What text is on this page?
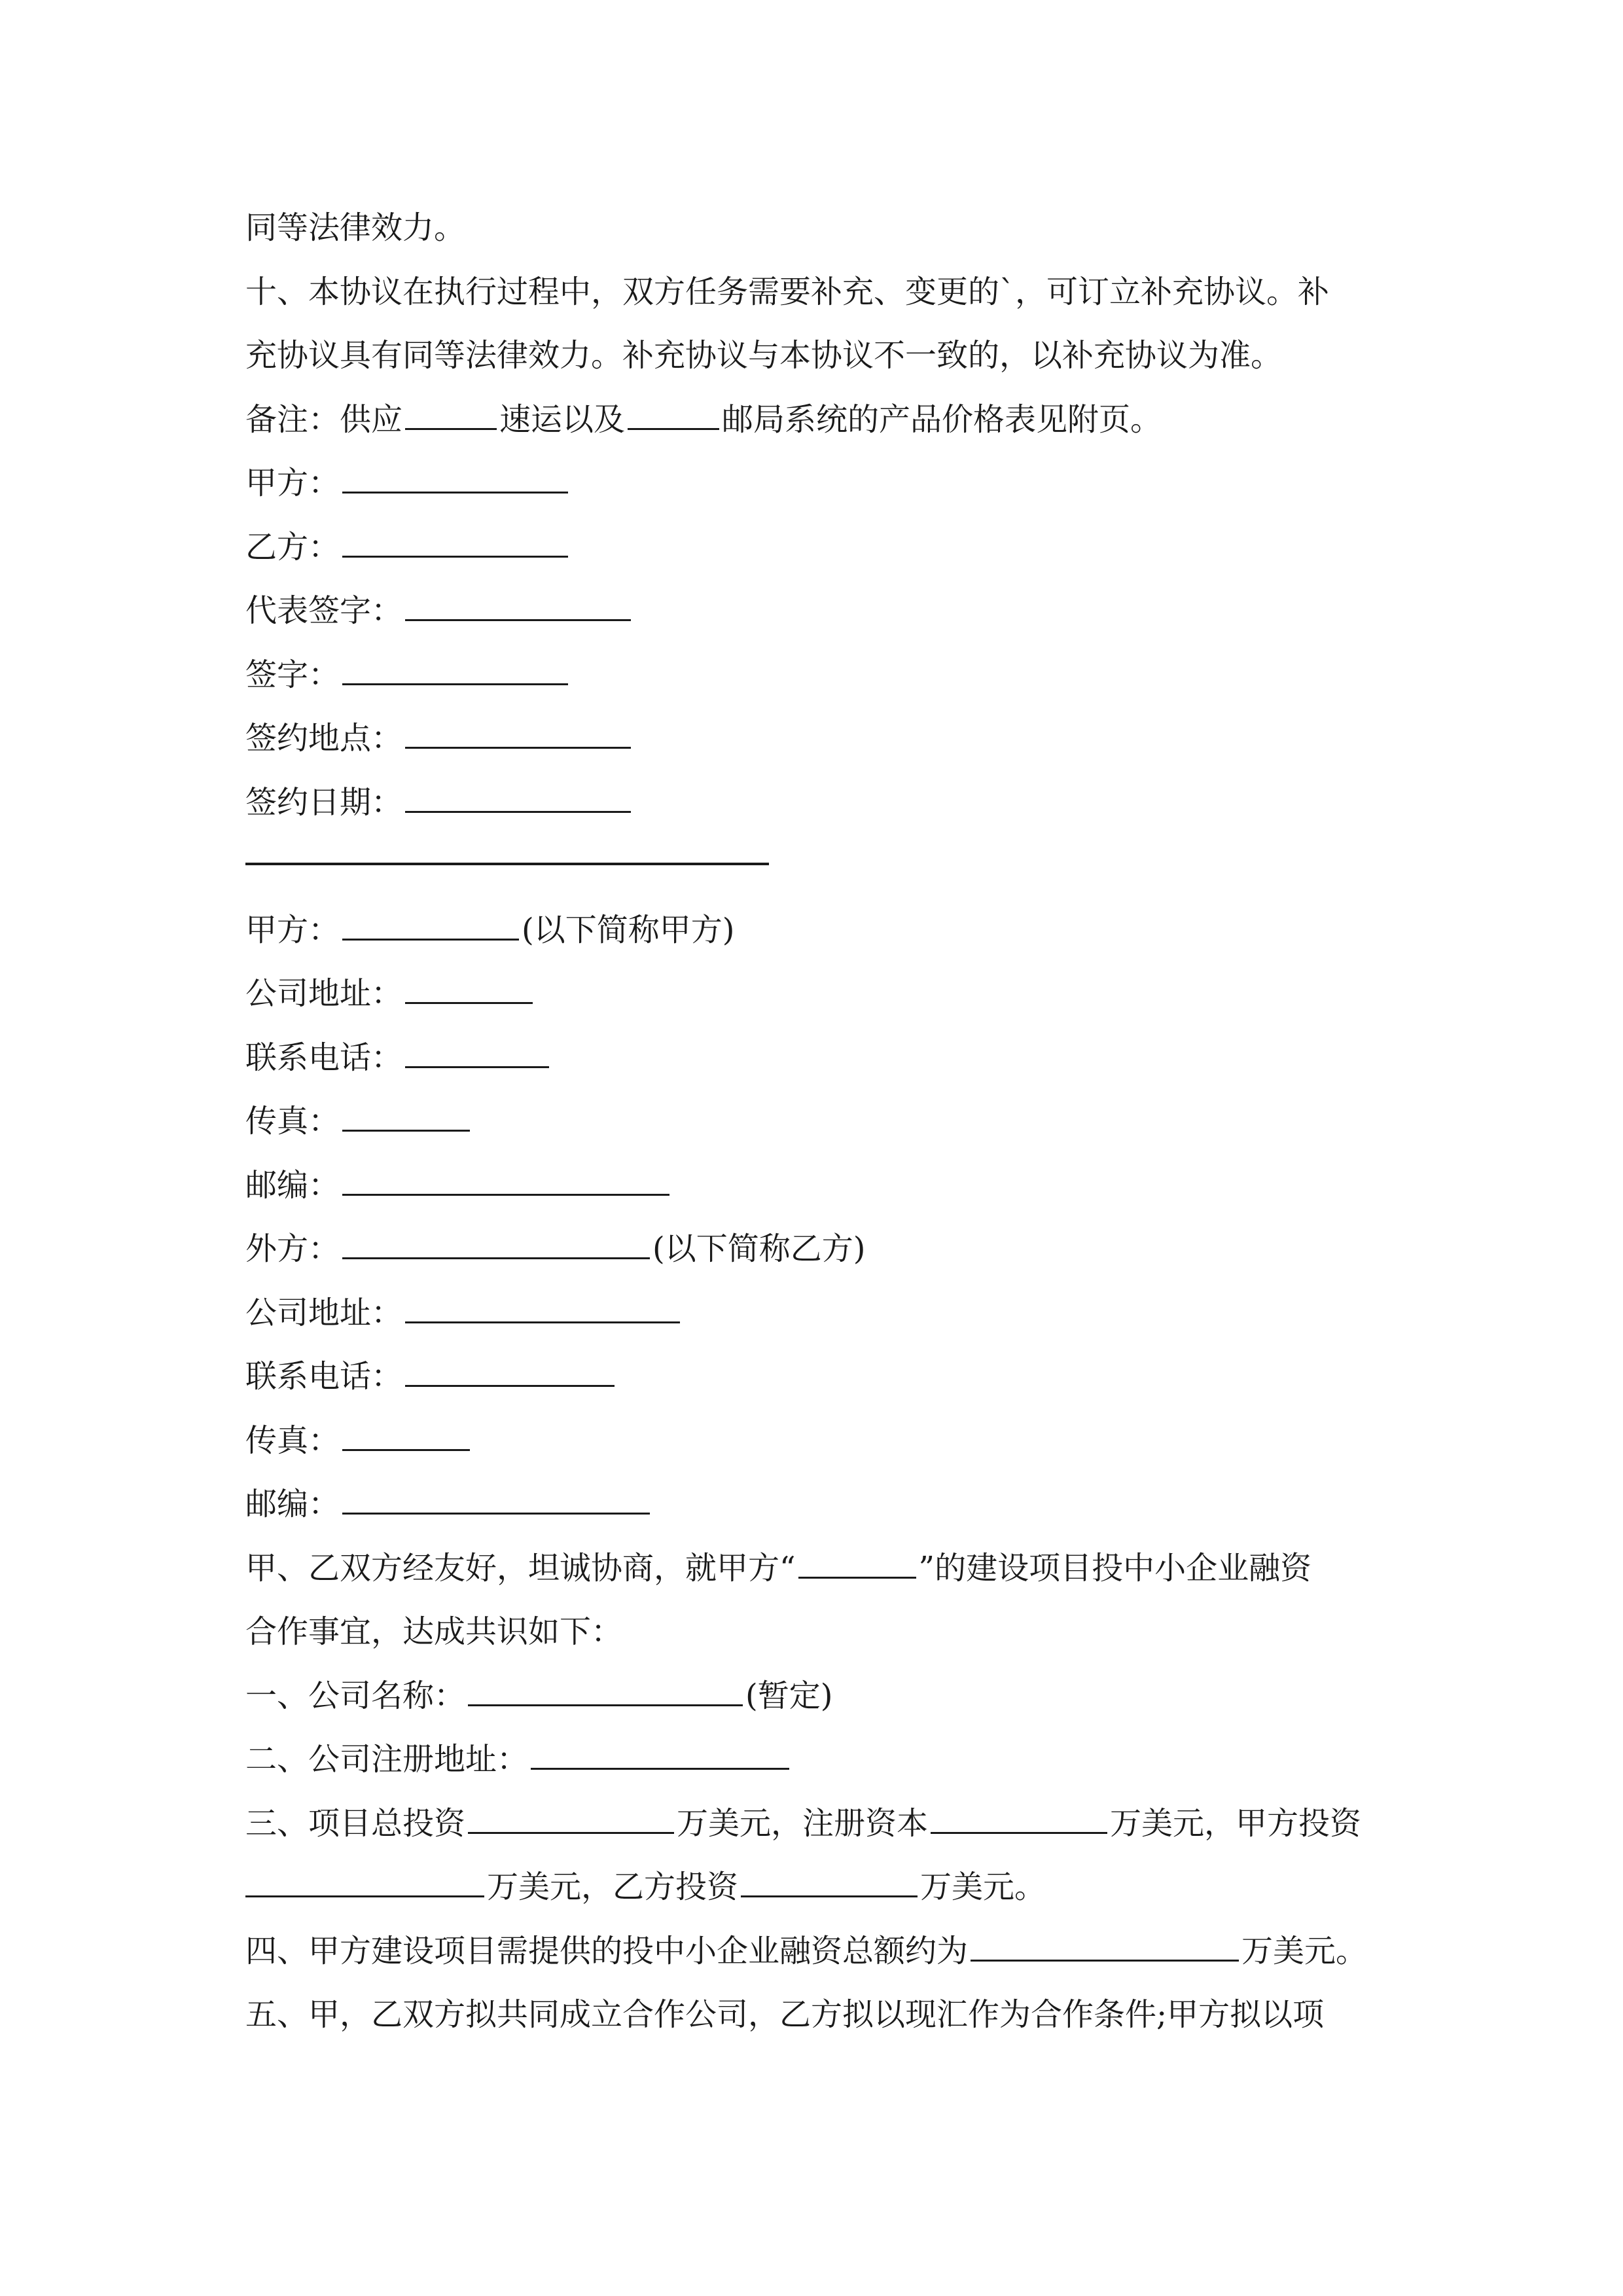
同等法律效力。
十、本协议在执行过程中，双方任务需要补充、变更的`，可订立补充协议。补
充协议具有同等法律效力。补充协议与本协议不一致的，以补充协议为准。
备注：供应	速运以及	邮局系统的产品价格表见附页。
甲方：
乙方：
代表签字：
签字：
签约地点：
签约日期：
甲方：	(以下简称甲方)
公司地址：
联系电话：
传真：
邮编：
外方：	(以下简称乙方)
公司地址：
联系电话：
传真：
邮编：
甲、乙双方经友好，坦诚协商，就甲方“	”的建设项目投中小企业融资
合作事宜，达成共识如下：
一、公司名称：	(暂定)
二、公司注册地址：
三、项目总投资	万美元，注册资本	万美元，甲方投资
万美元，乙方投资	万美元。
四、甲方建设项目需提供的投中小企业融资总额约为	万美元。
五、甲，乙双方拟共同成立合作公司，乙方拟以现汇作为合作条件;甲方拟以项
